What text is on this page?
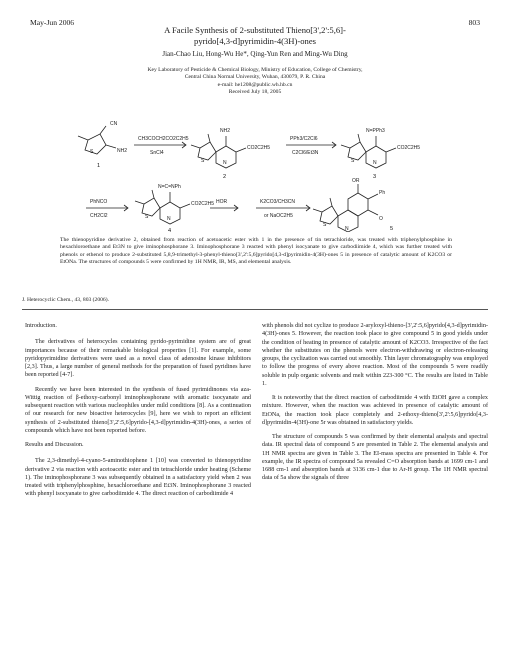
May-Jun 2006	803
A Facile Synthesis of 2-substituted Thieno[3',2':5,6]-
pyrido[4,3-d]pyrimidin-4(3H)-ones
Jian-Chao Liu, Hong-Wu He*, Qing-Yun Ren and Ming-Wu Ding
Key Laboratory of Pesticide & Chemical Biology, Ministry of Education, College of Chemistry,
Central China Normal University, Wuhan, 430079, P. R. China
e-mail: he1208@public.wh.hb.cn
Received July 18, 2005
CN
S	NH2
1
CH3COCH2CO2C2H5
SnCl4
NH2
CO2C2H5
S	N
2
PPh3/C2Cl6
C2Cl6/Et3N
N=PPh3
CO2C2H5
S	N
3
PhNCO
CH2Cl2
N=C=NPh
CO2C2H5
S	N
4
HOR	K2CO3/CH3CN
or NaOC2H5
OR
Ph
O
S
N	5
The thienopyridine derivative 2, obtained from reaction of acetoacetic ester with 1 in the presence of tin tetrachloride, was treated with triphenylphosphine in hexachloroethane and Et3N to give iminophosphorane 3. Iminophosphorane 3 reacted with phenyl isocyanate to give carbodiimide 4, which was further treated with phenols or ethenol to produce 2-substituted 5,8,9-trimethyl-3-phenyl-thieno[3',2':5,6]pyrido[4,3-d]pyrimidin-4(3H)-ones 5 in presence of catalytic amount of K2CO3 or EtONa. The structures of compounds 5 were confirmed by 1H NMR, IR, MS, and elemental analysis.
J. Heterocyclic Chem., 43, 803 (2006).

Introduction.

The derivatives of heterocycles containing pyrido-pyrimidine system are of great importances because of their remarkable biological properties [1]. For example, some pyridopyrimidine derivatives were used as a novel class of adenosine kinase inhibitors [2,3]. Thus, a large number of general methods for the preparation of fused pyridines have been reported [4-7].

Recently we have been interested in the synthesis of fused pyrimidinones via aza-Wittig reaction of β-ethoxy-carbonyl iminophosphorane with aromatic isocyanate and subsequent reaction with various nucleophiles under mild conditions [8]. As a continuation of our research for new bioactive heterocycles [9], here we wish to report an efficient synthesis of 2-substituted thieno[3',2':5,6]pyrido-[4,3-d]pyrimidin-4(3H)-ones, a series of compounds which have not been reported before.

Results and Discussion.

The 2,3-dimethyl-4-cyano-5-aminothiophene 1 [10] was converted to thienopyridine derivative 2 via reaction with acetoacetic ester and tin tetrachloride under heating (Scheme 1). The iminophosphorane 3 was subsequently obtained in a satisfactory yield when 2 was treated with triphenylphosphine, hexachloroethane and Et3N. Iminophosphorane 3 reacted with phenyl isocyanate to give carbodiimide 4. The direct reaction of carbodiimide 4

with phenols did not cyclize to produce 2-aryloxyl-thieno-[3',2':5,6]pyrido[4,3-d]pyrimidin-4(3H)-ones 5. However, the reaction took place to give compound 5 in good yields under the condition of heating in presence of catalytic amount of K2CO3. Irrespective of the fact whether the substitutes on the phenols were electron-withdrawing or electron-releasing groups, the cyclization was carried out smoothly. Thin layer chromatography was employed to follow the progress of every above reaction. Most of the compounds 5 were readily soluble in pulp organic solvents and melt within 223-300 °C. The results are listed in Table 1.

It is noteworthy that the direct reaction of carbodiimide 4 with EtOH gave a complex mixture. However, when the reaction was achieved in presence of catalytic amount of EtONa, the reaction took place completely and 2-ethoxy-thieno[3',2':5,6]pyrido[4,3-d]pyrimidin-4(3H)-one 5r was obtained in satisfactory yields.

The structure of compounds 5 was confirmed by their elemental analysis and spectral data. IR spectral data of compound 5 are presented in Table 2. The elemental analysis and 1H NMR spectra are given in Table 3. The EI-mass spectra are presented in Table 4. For example, the IR spectra of compound 5a revealed C=O absorption bands at 1699 cm-1 and 1688 cm-1 and absorption bands at 3136 cm-1 due to Ar-H group. The 1H NMR spectral data of 5a show the signals of three
